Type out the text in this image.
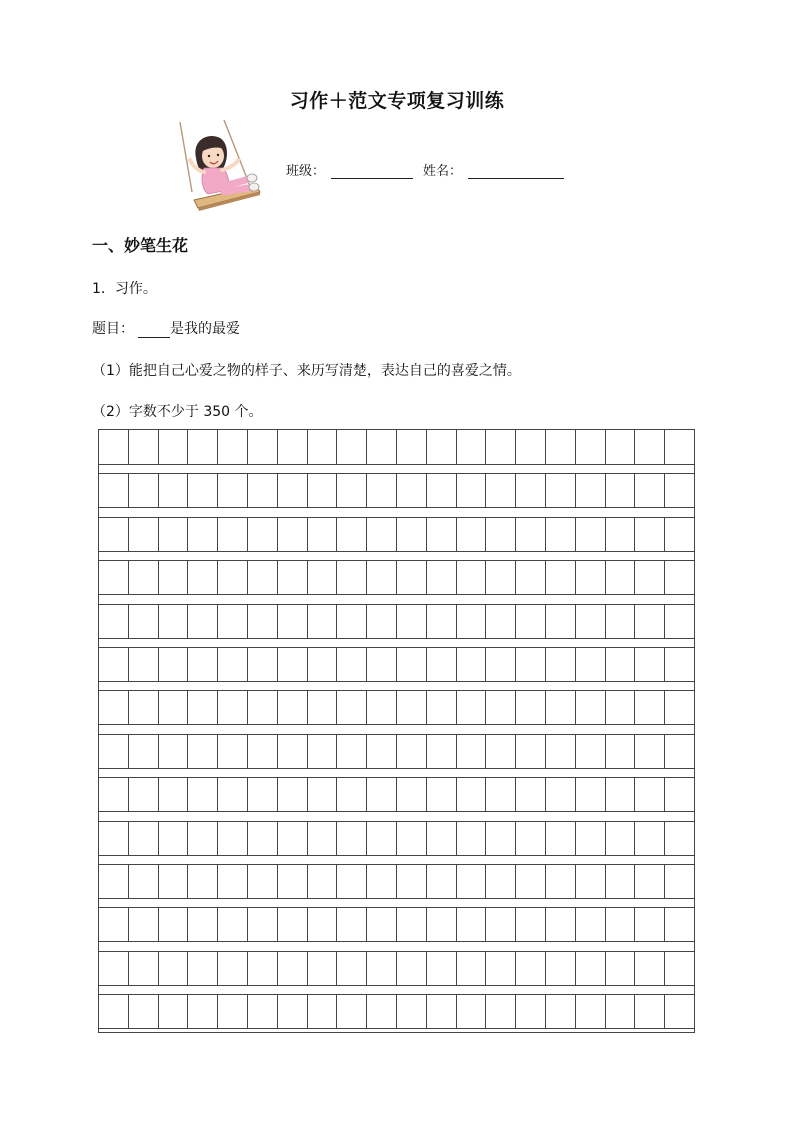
习作＋范文专项复习训练
班级：	姓名：
一、妙笔生花
1．习作。
题目：	是我的最爱
（1）能把自己心爱之物的样子、来历写清楚，表达自己的喜爱之情。
（2）字数不少于 350 个。
